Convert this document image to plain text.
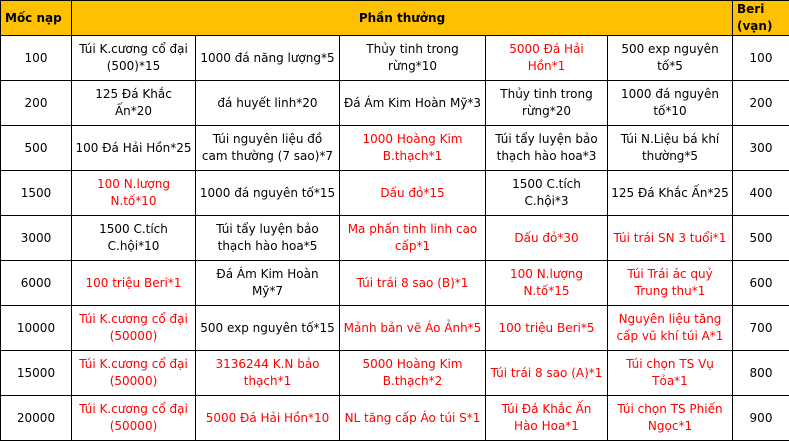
Mốc nạp	Phần thưởng					Beri (vạn)
100	Túi K.cương cổ đại (500)*15	1000 đá năng lượng*5	Thủy tinh trong rừng*10	5000 Đá Hải Hồn*1	500 exp nguyên tố*5	100
200	125 Đá Khắc Ấn*20	đá huyết linh*20	Đá Ám Kim Hoàn Mỹ*3	Thủy tinh trong rừng*20	1000 đá nguyên tố*10	200
500	100 Đá Hải Hồn*25	Túi nguyên liệu đồ cam thường (7 sao)*7	1000 Hoàng Kim B.thạch*1	Túi tẩy luyện bảo thạch hào hoa*3	Túi N.Liệu bá khí thường*5	300
1500	100 N.lượng N.tố*10	1000 đá nguyên tố*15	Dấu đỏ*15	1500 C.tích C.hội*3	125 Đá Khắc Ấn*25	400
3000	1500 C.tích C.hội*10	Túi tẩy luyện bảo thạch hào hoa*5	Ma phấn tinh linh cao cấp*1	Dấu đỏ*30	Túi trái SN 3 tuổi*1	500
6000	100 triệu Beri*1	Đá Ám Kim Hoàn Mỹ*7	Túi trái 8 sao (B)*1	100 N.lượng N.tố*15	Túi Trái ác quỷ Trung thu*1	600
10000	Túi K.cương cổ đại (50000)	500 exp nguyên tố*15	Mảnh bản vẽ Áo Ảnh*5	100 triệu Beri*5	Nguyên liệu tăng cấp vũ khí túi A*1	700
15000	Túi K.cương cổ đại (50000)	3136244 K.N bảo thạch*1	5000 Hoàng Kim B.thạch*2	Túi trái 8 sao (A)*1	Túi chọn TS Vụ Tỏa*1	800
20000	Túi K.cương cổ đại (50000)	5000 Đá Hải Hồn*10	NL tăng cấp Áo túi S*1	Túi Đá Khắc Ấn Hào Hoa*1	Túi chọn TS Phiến Ngọc*1	900
